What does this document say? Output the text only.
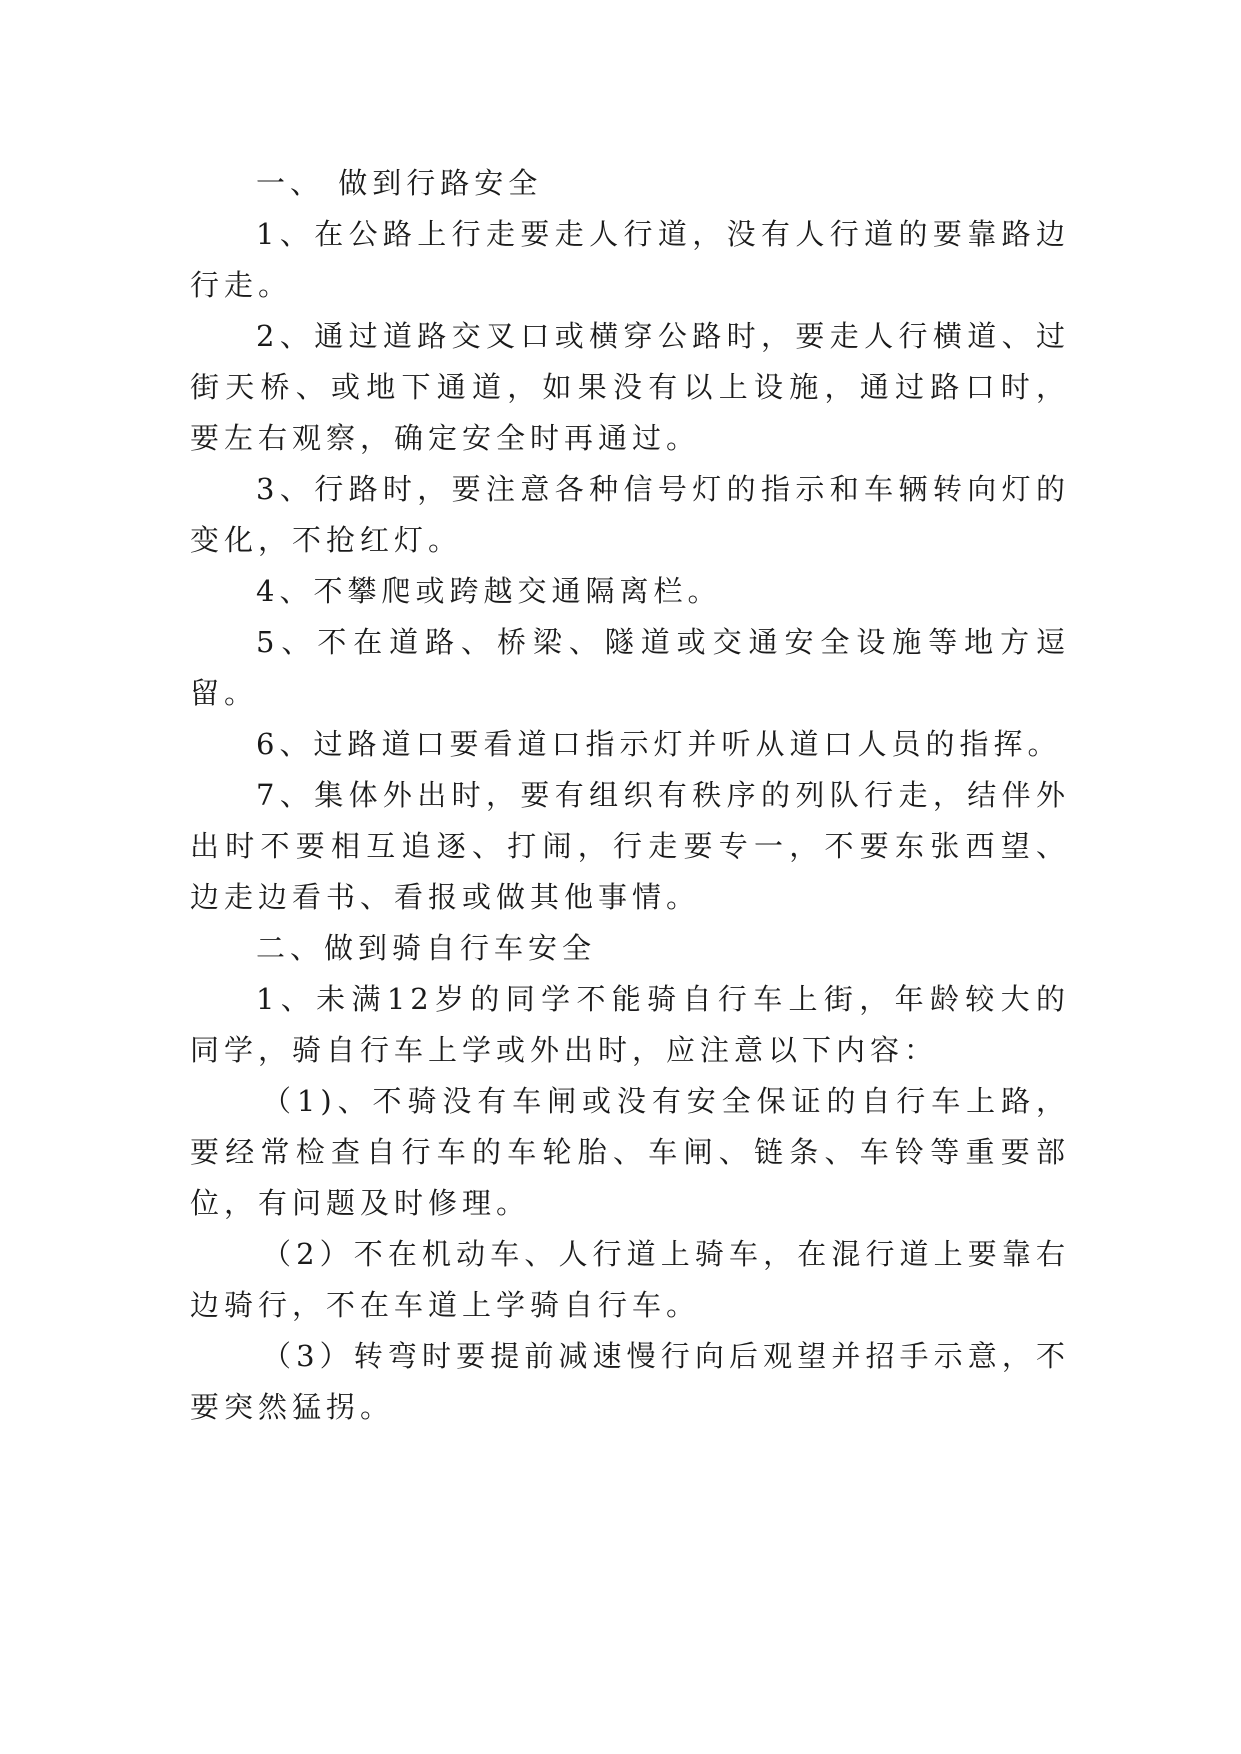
一、 做到行路安全

1、在公路上行走要走人行道，没有人行道的要靠路边行走。

2、通过道路交叉口或横穿公路时，要走人行横道、过街天桥、或地下通道，如果没有以上设施，通过路口时，要左右观察，确定安全时再通过。

3、行路时，要注意各种信号灯的指示和车辆转向灯的变化，不抢红灯。

4、不攀爬或跨越交通隔离栏。

5、不在道路、桥梁、隧道或交通安全设施等地方逗留。

6、过路道口要看道口指示灯并听从道口人员的指挥。

7、集体外出时，要有组织有秩序的列队行走，结伴外出时不要相互追逐、打闹，行走要专一，不要东张西望、边走边看书、看报或做其他事情。

二、做到骑自行车安全

1、未满12岁的同学不能骑自行车上街，年龄较大的同学，骑自行车上学或外出时，应注意以下内容：

（1)、不骑没有车闸或没有安全保证的自行车上路，要经常检查自行车的车轮胎、车闸、链条、车铃等重要部位，有问题及时修理。

（2）不在机动车、人行道上骑车，在混行道上要靠右边骑行，不在车道上学骑自行车。

（3）转弯时要提前减速慢行向后观望并招手示意，不要突然猛拐。
